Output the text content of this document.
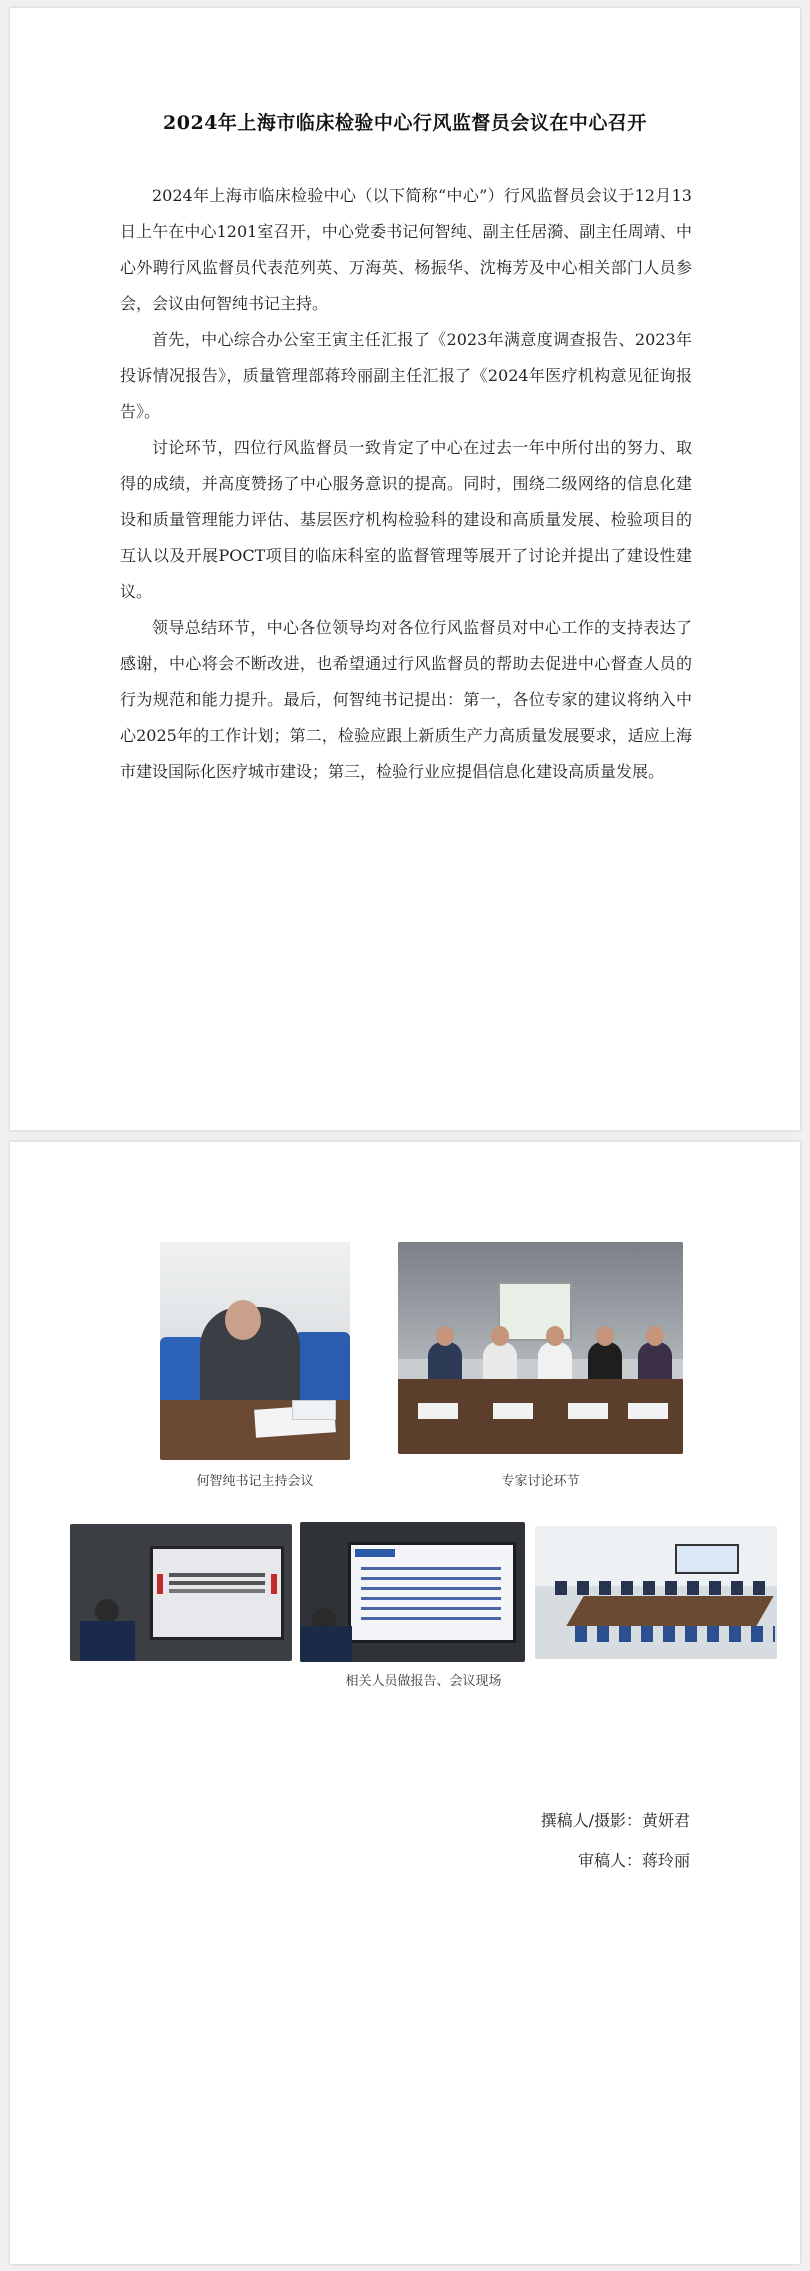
2024年上海市临床检验中心行风监督员会议在中心召开

2024年上海市临床检验中心（以下简称“中心”）行风监督员会议于12月13日上午在中心1201室召开，中心党委书记何智纯、副主任居漪、副主任周靖、中心外聘行风监督员代表范列英、万海英、杨振华、沈梅芳及中心相关部门人员参会，会议由何智纯书记主持。

首先，中心综合办公室王寅主任汇报了《2023年满意度调查报告、2023年投诉情况报告》，质量管理部蒋玲丽副主任汇报了《2024年医疗机构意见征询报告》。

讨论环节，四位行风监督员一致肯定了中心在过去一年中所付出的努力、取得的成绩，并高度赞扬了中心服务意识的提高。同时，围绕二级网络的信息化建设和质量管理能力评估、基层医疗机构检验科的建设和高质量发展、检验项目的互认以及开展POCT项目的临床科室的监督管理等展开了讨论并提出了建设性建议。

领导总结环节，中心各位领导均对各位行风监督员对中心工作的支持表达了感谢，中心将会不断改进，也希望通过行风监督员的帮助去促进中心督查人员的行为规范和能力提升。最后，何智纯书记提出：第一，各位专家的建议将纳入中心2025年的工作计划；第二，检验应跟上新质生产力高质量发展要求，适应上海市建设国际化医疗城市建设；第三，检验行业应提倡信息化建设高质量发展。

何智纯书记主持会议	专家讨论环节
相关人员做报告、会议现场
撰稿人/摄影：黄妍君
审稿人：蒋玲丽
